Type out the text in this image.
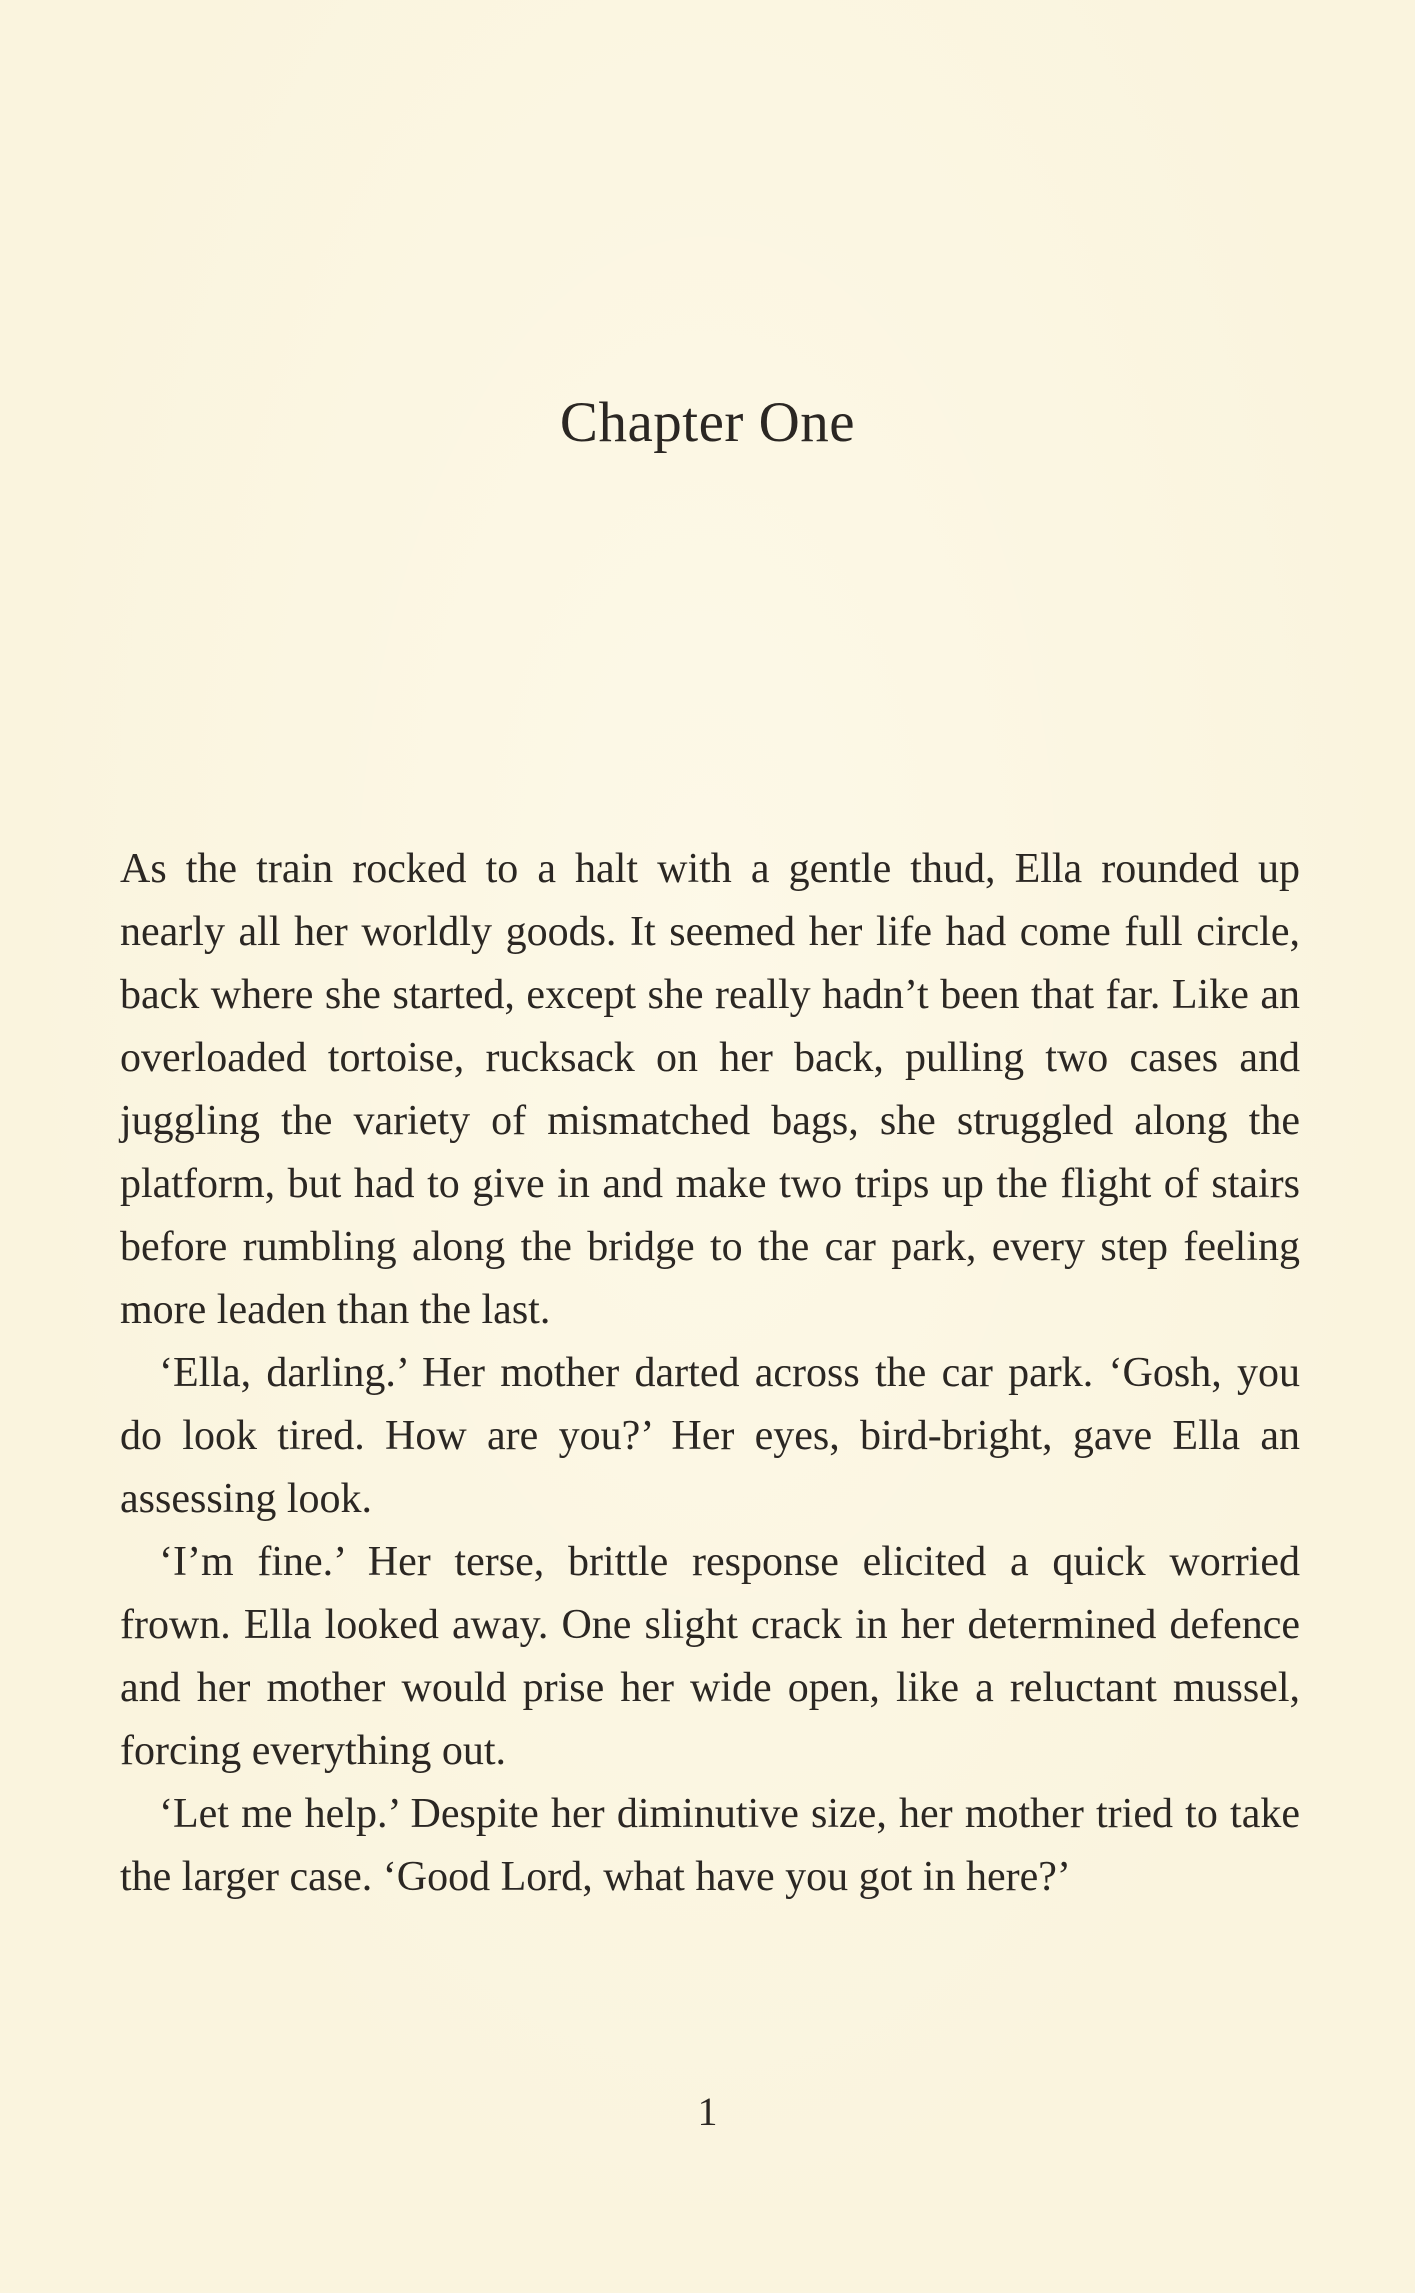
Chapter One

As the train rocked to a halt with a gentle thud, Ella rounded up nearly all her worldly goods. It seemed her life had come full circle, back where she started, except she really hadn’t been that far. Like an overloaded tortoise, rucksack on her back, pulling two cases and juggling the variety of mismatched bags, she struggled along the platform, but had to give in and make two trips up the flight of stairs before rumbling along the bridge to the car park, every step feeling more leaden than the last.

‘Ella, darling.’ Her mother darted across the car park. ‘Gosh, you do look tired. How are you?’ Her eyes, bird-bright, gave Ella an assessing look.

‘I’m fine.’ Her terse, brittle response elicited a quick worried frown. Ella looked away. One slight crack in her determined defence and her mother would prise her wide open, like a reluctant mussel, forcing everything out.

‘Let me help.’ Despite her diminutive size, her mother tried to take the larger case. ‘Good Lord, what have you got in here?’

1
